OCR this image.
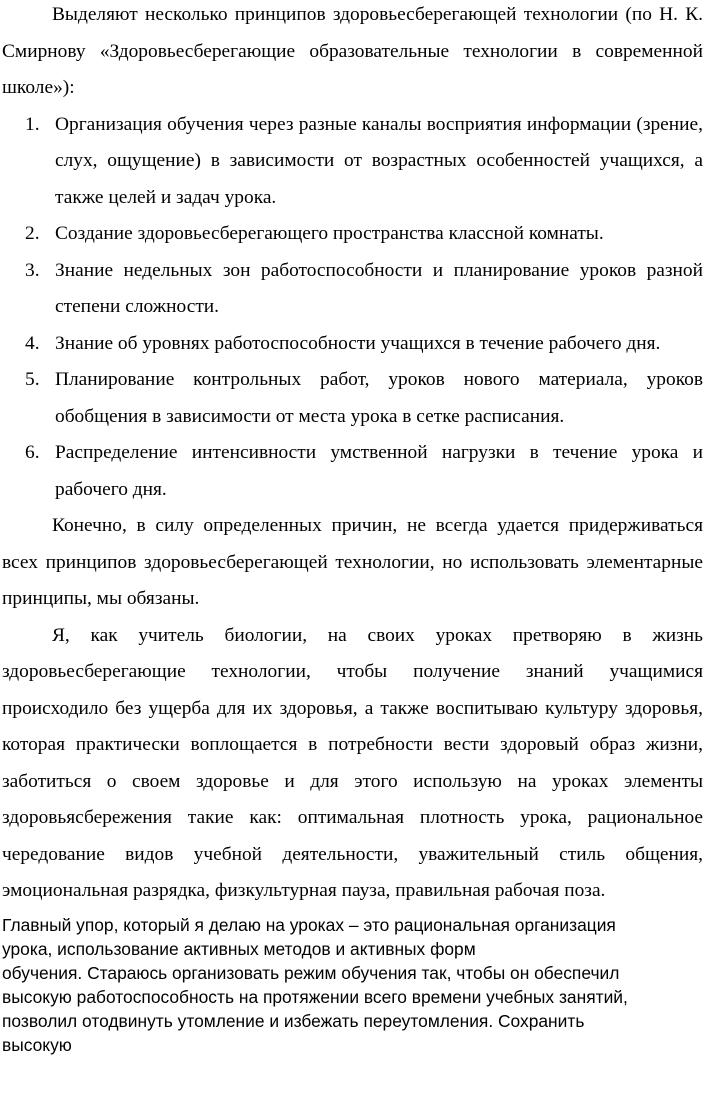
Выделяют несколько принципов здоровьесберегающей технологии (по Н. К. Смирнову «Здоровьесберегающие образовательные технологии в современной школе»):

1. Организация обучения через разные каналы восприятия информации (зрение, слух, ощущение) в зависимости от возрастных особенностей учащихся, а также целей и задач урока.
2. Создание здоровьесберегающего пространства классной комнаты.
3. Знание недельных зон работоспособности и планирование уроков разной степени сложности.
4. Знание об уровнях работоспособности учащихся в течение рабочего дня.
5. Планирование контрольных работ, уроков нового материала, уроков обобщения в зависимости от места урока в сетке расписания.
6. Распределение интенсивности умственной нагрузки в течение урока и рабочего дня.

Конечно, в силу определенных причин, не всегда удается придерживаться всех принципов здоровьесберегающей технологии, но использовать элементарные принципы, мы обязаны.

Я, как учитель биологии, на своих уроках претворяю в жизнь здоровьесберегающие технологии, чтобы получение знаний учащимися происходило без ущерба для их здоровья, а также воспитываю культуру здоровья, которая практически воплощается в потребности вести здоровый образ жизни, заботиться о своем здоровье и для этого использую на уроках элементы здоровьясбережения такие как: оптимальная плотность урока, рациональное чередование видов учебной деятельности, уважительный стиль общения, эмоциональная разрядка, физкультурная пауза, правильная рабочая поза.

Главный упор, который я делаю на уроках – это рациональная организация
урока, использование активных методов и активных форм
обучения. Стараюсь организовать режим обучения так, чтобы он обеспечил
высокую работоспособность на протяжении всего времени учебных занятий,
позволил отодвинуть утомление и избежать переутомления. Сохранить
высокую
